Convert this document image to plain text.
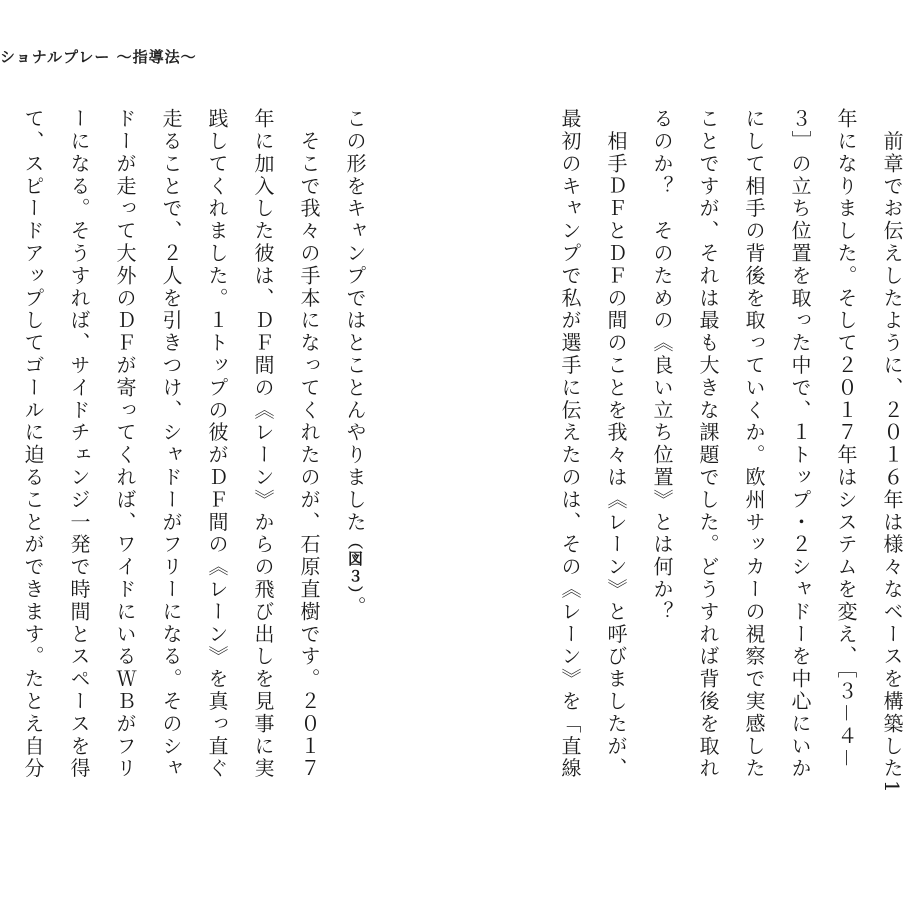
ショナルプレー 〜指導法〜

　前章でお伝えしたように、２０１６年は様々なベースを構築した1年になりました。そして２０１７年はシステムを変え、［３－４－３］の立ち位置を取った中で、１トップ・２シャドーを中心にいかにして相手の背後を取っていくか。欧州サッカーの視察で実感したことですが、それは最も大きな課題でした。どうすれば背後を取れるのか？　そのための《良い立ち位置》とは何か？

　相手ＤＦとＤＦの間のことを我々は《レーン》と呼びましたが、最初のキャンプで私が選手に伝えたのは、その《レーン》を「直線

この形をキャンプではとことんやりました（図３）。

　そこで我々の手本になってくれたのが、石原直樹です。２０１７年に加入した彼は、ＤＦ間の《レーン》からの飛び出しを見事に実践してくれました。１トップの彼がＤＦ間の《レーン》を真っ直ぐ走ることで、２人を引きつけ、シャドーがフリーになる。そのシャドーが走って大外のＤＦが寄ってくれば、ワイドにいるＷＢがフリーになる。そうすれば、サイドチェンジ一発で時間とスペースを得て、スピードアップしてゴールに迫ることができます。たとえ自分
